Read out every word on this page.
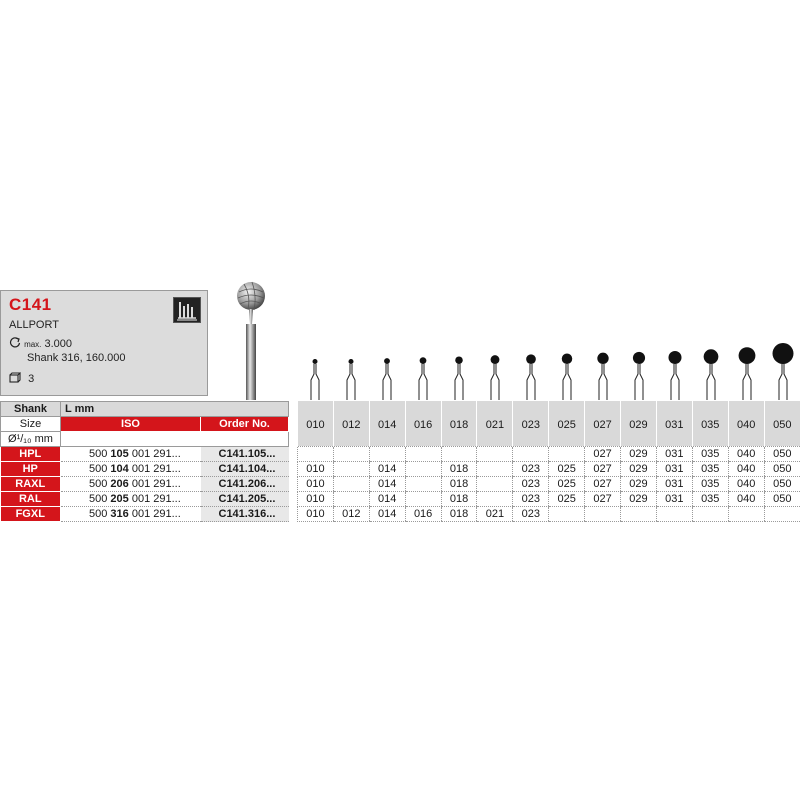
C141
ALLPORT
max. 3.000
Shank 316, 160.000
3
Shank	L mm	
Size	ISO	Order No.
Ø¹/₁₀ mm		
HPL	500 105 001 291...	C141.105...
HP	500 104 001 291...	C141.104...
RAXL	500 206 001 291...	C141.206...
RAL	500 205 001 291...	C141.205...
FGXL	500 316 001 291...	C141.316...
010	012	014	016	018	021	023	025	027	029	031	035	040	050

								027	029	031	035	040	050
010		014		018		023	025	027	029	031	035	040	050
010		014		018		023	025	027	029	031	035	040	050
010		014		018		023	025	027	029	031	035	040	050
010	012	014	016	018	021	023							
